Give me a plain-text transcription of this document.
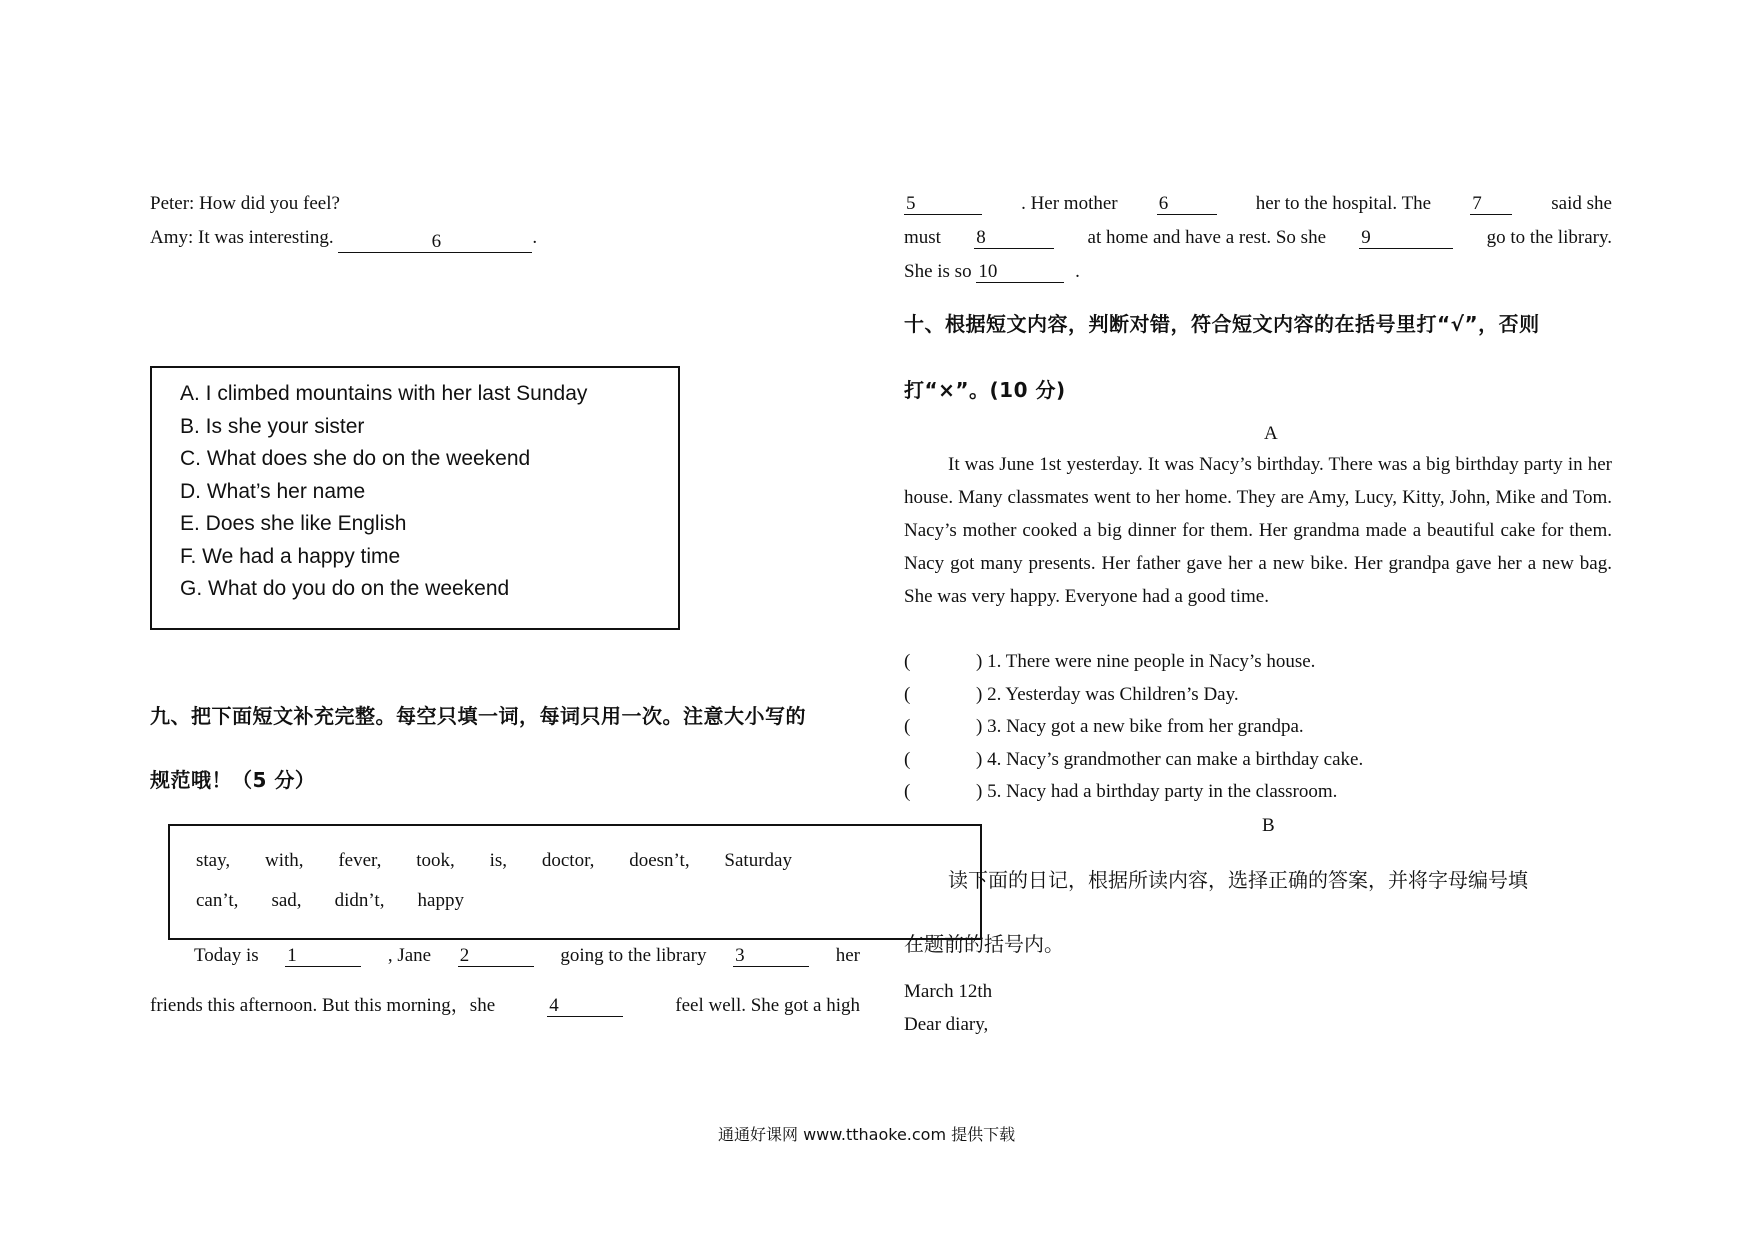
Peter: How did you feel?
Amy: It was interesting.	6	.
A. I climbed mountains with her last Sunday
B. Is she your sister
C. What does she do on the weekend
D. What’s her name
E. Does she like English
F. We had a happy time
G. What do you do on the weekend
九、把下面短文补充完整。每空只填一词，每词只用一次。注意大小写的
规范哦！（5 分）
stay, with, fever, took, is, doctor, doesn’t, Saturday
can’t, sad, didn’t, happy
Today is 1	, Jane 2	going to the library 3	her
friends this afternoon. But this morning，she	4	feel well. She got a high
5	. Her mother 6	her to the hospital. The 7	said she
must 8	at home and have a rest. So she 9	go to the library.
She is so 10	.
十、根据短文内容，判断对错，符合短文内容的在括号里打“√”，否则
打“×”。(10 分)
A
It was June 1st yesterday. It was Nacy’s birthday. There was a big birthday party in her house. Many classmates went to her home. They are Amy, Lucy, Kitty, John, Mike and Tom. Nacy’s mother cooked a big dinner for them. Her grandma made a beautiful cake for them. Nacy got many presents. Her father gave her a new bike. Her grandpa gave her a new bag. She was very happy. Everyone had a good time.
(	) 1. There were nine people in Nacy’s house.
(	) 2. Yesterday was Children’s Day.
(	) 3. Nacy got a new bike from her grandpa.
(	) 4. Nacy’s grandmother can make a birthday cake.
(	) 5. Nacy had a birthday party in the classroom.
B
读下面的日记，根据所读内容，选择正确的答案，并将字母编号填
在题前的括号内。
March 12th
Dear diary,
通通好课网 www.tthaoke.com 提供下载
